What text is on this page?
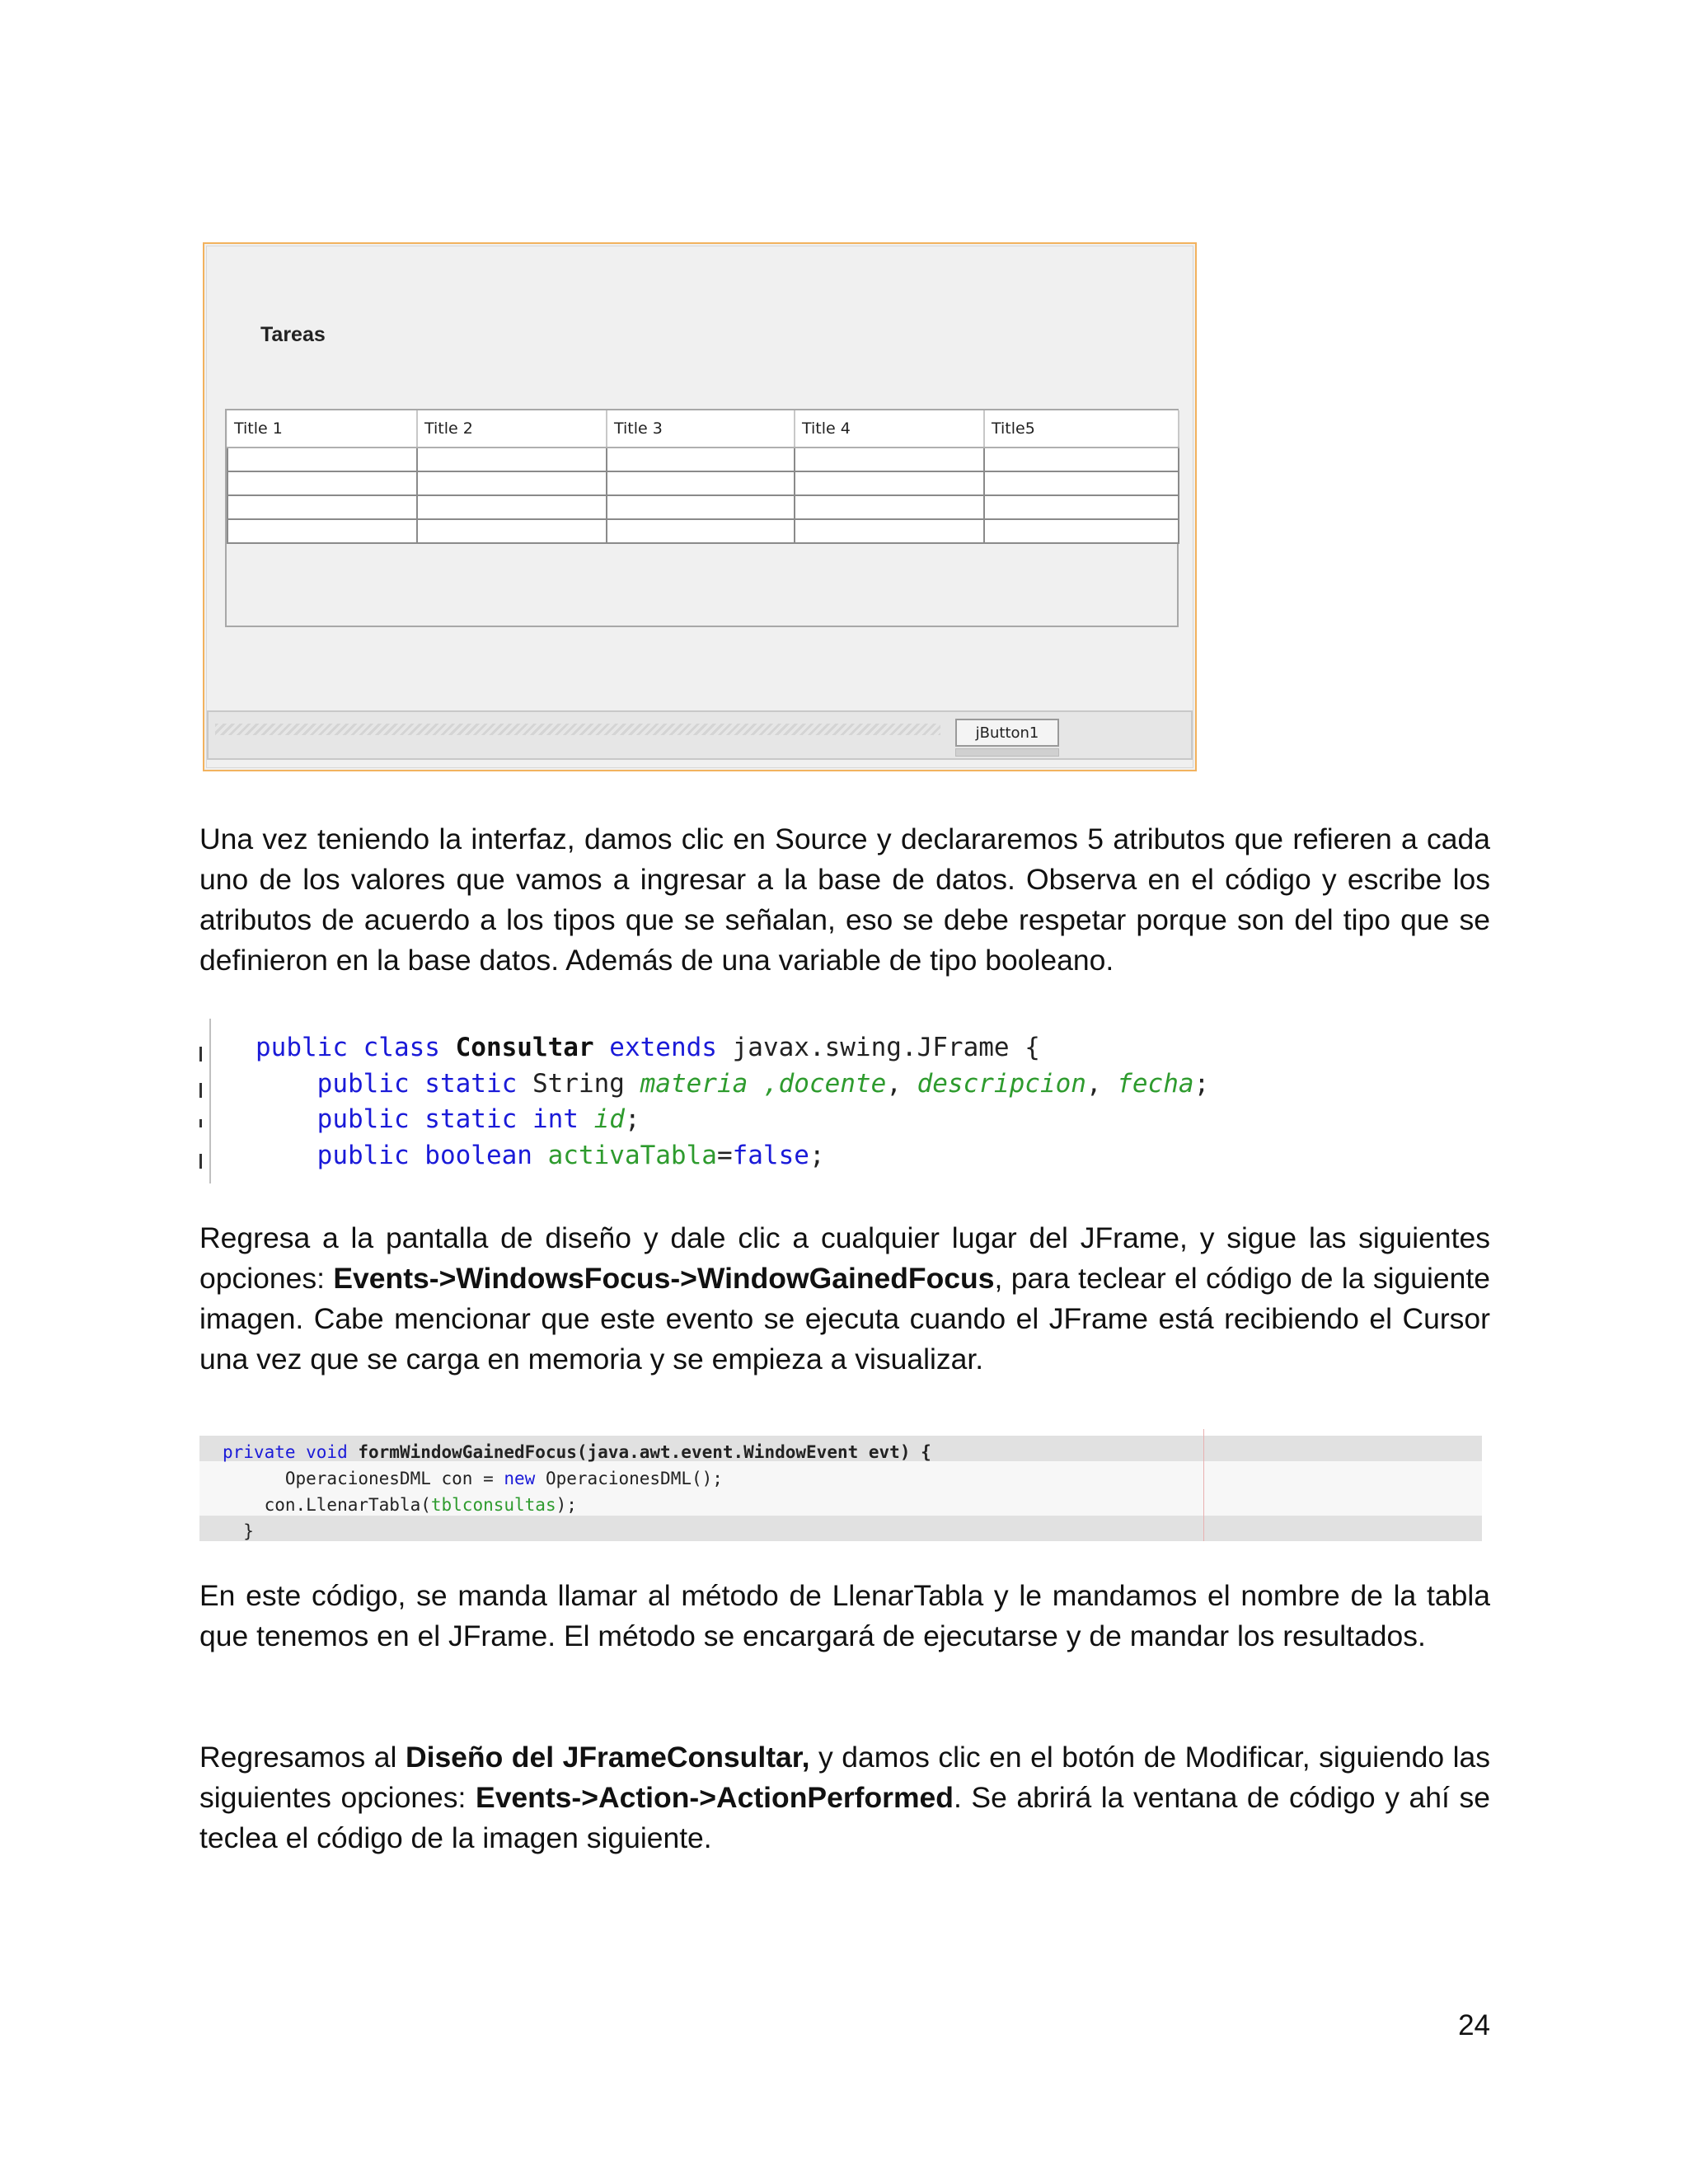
Tareas
Title 1	Title 2	Title 3	Title 4	Title5

jButton1

Una vez teniendo la interfaz, damos clic en Source y declararemos 5 atributos que refieren a cada uno de los valores que vamos a ingresar a la base de datos. Observa en el código y escribe los atributos de acuerdo a los tipos que se señalan, eso se debe respetar porque son del tipo que se definieron en la base datos. Además de una variable de tipo booleano.

public class Consultar extends javax.swing.JFrame {
public static String materia ,docente, descripcion, fecha;
public static int id;
public boolean activaTabla=false;

Regresa a la pantalla de diseño y dale clic a cualquier lugar del JFrame, y sigue las siguientes opciones: Events->WindowsFocus->WindowGainedFocus, para teclear el código de la siguiente imagen. Cabe mencionar que este evento se ejecuta cuando el JFrame está recibiendo el Cursor una vez que se carga en memoria y se empieza a visualizar.

private void formWindowGainedFocus(java.awt.event.WindowEvent evt) {
OperacionesDML con = new OperacionesDML();
con.LlenarTabla(tblconsultas);
}

En este código, se manda llamar al método de LlenarTabla y le mandamos el nombre de la tabla que tenemos en el JFrame. El método se encargará de ejecutarse y de mandar los resultados.

Regresamos al Diseño del JFrameConsultar, y damos clic en el botón de Modificar, siguiendo las siguientes opciones: Events->Action->ActionPerformed. Se abrirá la ventana de código y ahí se teclea el código de la imagen siguiente.

24
